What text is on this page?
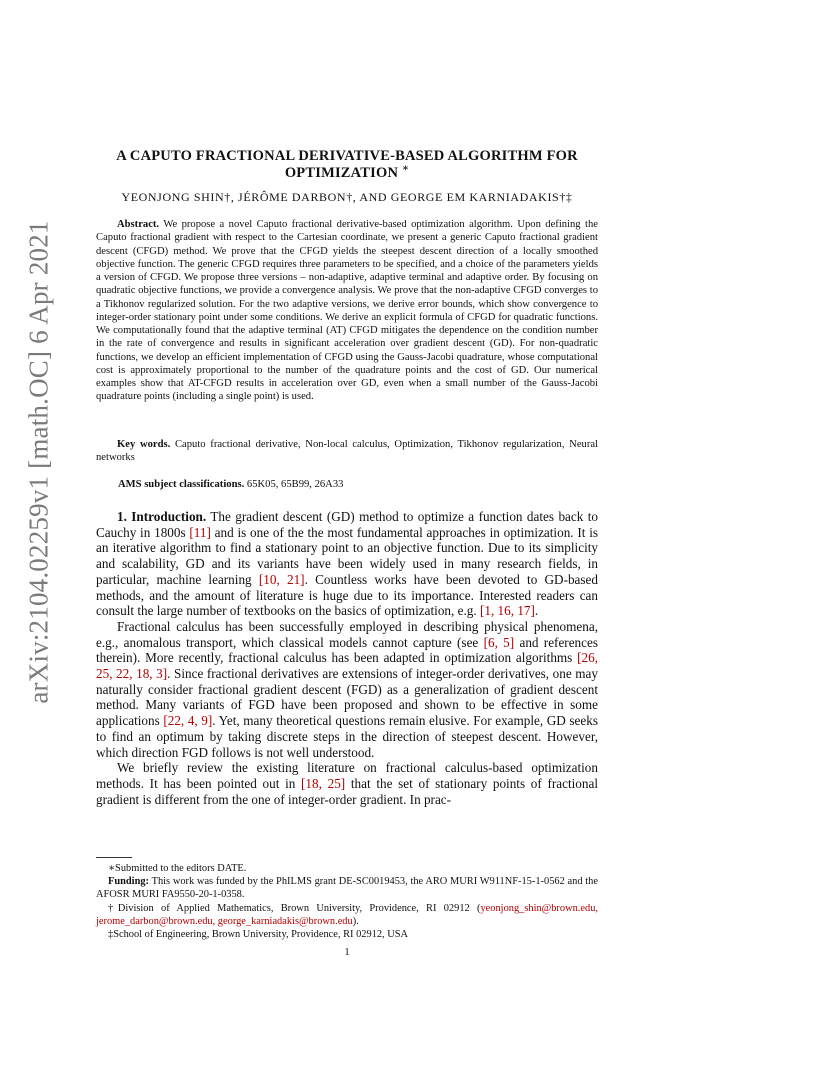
arXiv:2104.02259v1 [math.OC] 6 Apr 2021
A CAPUTO FRACTIONAL DERIVATIVE-BASED ALGORITHM FOR
OPTIMIZATION ∗
YEONJONG SHIN†, JÉRÔME DARBON†, AND GEORGE EM KARNIADAKIS†‡
Abstract. We propose a novel Caputo fractional derivative-based optimization algorithm. Upon defining the Caputo fractional gradient with respect to the Cartesian coordinate, we present a generic Caputo fractional gradient descent (CFGD) method. We prove that the CFGD yields the steepest descent direction of a locally smoothed objective function. The generic CFGD requires three parameters to be specified, and a choice of the parameters yields a version of CFGD. We propose three versions – non-adaptive, adaptive terminal and adaptive order. By focusing on quadratic objective functions, we provide a convergence analysis. We prove that the non-adaptive CFGD converges to a Tikhonov regularized solution. For the two adaptive versions, we derive error bounds, which show convergence to integer-order stationary point under some conditions. We derive an explicit formula of CFGD for quadratic functions. We computationally found that the adaptive terminal (AT) CFGD mitigates the dependence on the condition number in the rate of convergence and results in significant acceleration over gradient descent (GD). For non-quadratic functions, we develop an efficient implementation of CFGD using the Gauss-Jacobi quadrature, whose computational cost is approximately proportional to the number of the quadrature points and the cost of GD. Our numerical examples show that AT-CFGD results in acceleration over GD, even when a small number of the Gauss-Jacobi quadrature points (including a single point) is used.
Key words. Caputo fractional derivative, Non-local calculus, Optimization, Tikhonov regularization, Neural networks
AMS subject classifications. 65K05, 65B99, 26A33

1. Introduction. The gradient descent (GD) method to optimize a function dates back to Cauchy in 1800s [11] and is one of the the most fundamental approaches in optimization. It is an iterative algorithm to find a stationary point to an objective function. Due to its simplicity and scalability, GD and its variants have been widely used in many research fields, in particular, machine learning [10, 21]. Countless works have been devoted to GD-based methods, and the amount of literature is huge due to its importance. Interested readers can consult the large number of textbooks on the basics of optimization, e.g. [1, 16, 17].

Fractional calculus has been successfully employed in describing physical phenomena, e.g., anomalous transport, which classical models cannot capture (see [6, 5] and references therein). More recently, fractional calculus has been adapted in optimization algorithms [26, 25, 22, 18, 3]. Since fractional derivatives are extensions of integer-order derivatives, one may naturally consider fractional gradient descent (FGD) as a generalization of gradient descent method. Many variants of FGD have been proposed and shown to be effective in some applications [22, 4, 9]. Yet, many theoretical questions remain elusive. For example, GD seeks to find an optimum by taking discrete steps in the direction of steepest descent. However, which direction FGD follows is not well understood.

We briefly review the existing literature on fractional calculus-based optimization methods. It has been pointed out in [18, 25] that the set of stationary points of fractional gradient is different from the one of integer-order gradient. In prac-

∗Submitted to the editors DATE.
Funding: This work was funded by the PhILMS grant DE-SC0019453, the ARO MURI W911NF-15-1-0562 and the AFOSR MURI FA9550-20-1-0358.
†Division of Applied Mathematics, Brown University, Providence, RI 02912 (yeonjong_shin@brown.edu, jerome_darbon@brown.edu, george_karniadakis@brown.edu).
‡School of Engineering, Brown University, Providence, RI 02912, USA
1
